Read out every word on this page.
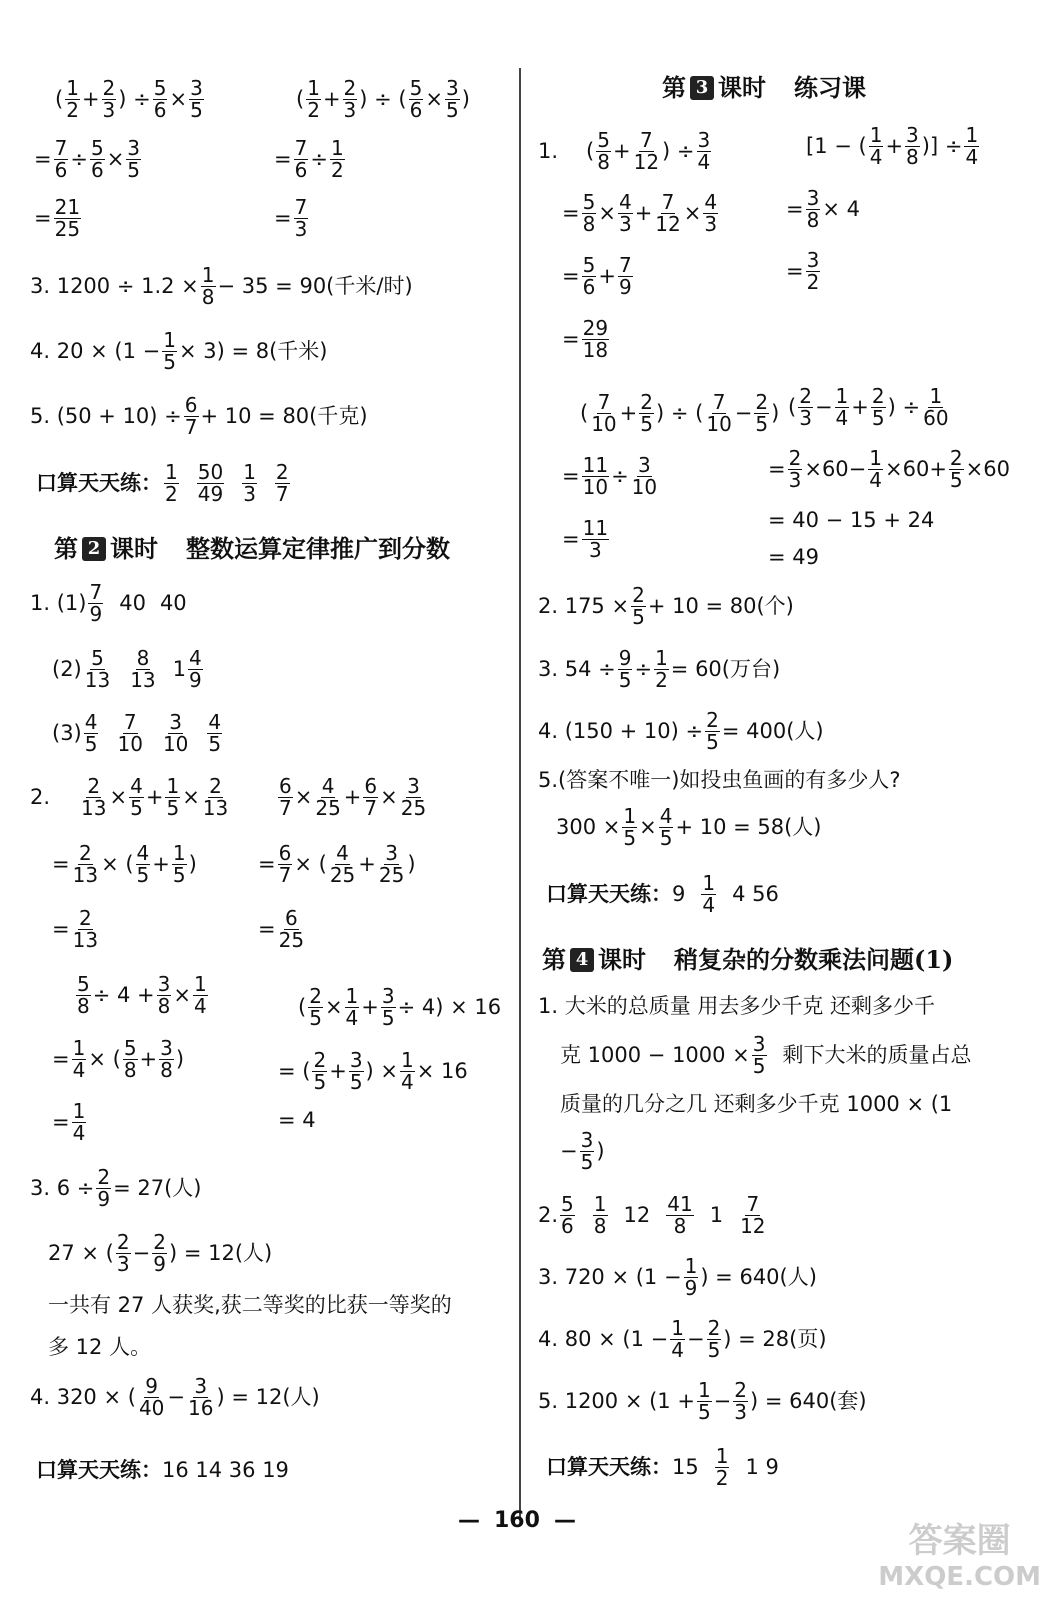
( 1
2 + 2
3 ) ÷ 5
6 × 3
5	( 1
2 + 2
3 ) ÷ ( 5
6 × 3
5 )
= 7
6 ÷ 5
6 × 3
5	= 7
6 ÷ 1
2
= 21
25	= 7
3
3. $1200 \div 1.2 \times \frac{1}{8} - 35 = 90$(千米/时)
4. $20 \times (1 - \frac{1}{5} \times 3) = 8$(千米)
5. $(50 + 10) \div \frac{6}{7} + 10 = 80$(千克)
口算天天练： 1
2
50
49
1
3
2
7
第 2 课时 整数运算定律推广到分数
1. (1) 7
9 40 40
(2) 5
13
8
13 1 4
9
(3) 4
5
7
10
3
10
4
5
2. 2
13 × 4
5 + 1
5 × 2
13
6
7 × 4
25 + 6
7 × 3
25
= 2
13 × ( 4
5 + 1
5 )	= 6
7 × ( 4
25 + 3
25 )
= 2
13	= 6
25
5
8 ÷ 4 + 3
8 × 1
4	( 2
5 × 1
4 + 3
5 ÷ 4) × 16
= 1
4 × ( 5
8 + 3
8 )	= ( 2
5 + 3
5 ) × 1
4 × 16
= 1
4
= 4
3. $6 \div \frac{2}{9} = 27$(人)
27 × ( 2
3 − 2
9 ) = 12(人)
一共有 27 人获奖,获二等奖的比获一等奖的
多 12 人。
4. 320 × ( 9
40 − 3
16 ) = 12(人)
口算天天练： 16 14 36 19
第 3 课时 练习课
1. ( 5
8 + 7
12 ) ÷ 3
4
[1 − ( 1
4 + 3
8 )] ÷ 1
4
= 5
8 × 4
3 + 7
12 × 4
3
= 3
8 × 4
= 5
6 + 7
9
= 3
2
= 29
18
( 7
10 + 2
5 ) ÷ ( 7
10 − 2
5 ) ( 2
3 − 1
4 + 2
5 ) ÷ 1
60
= 11
10 ÷ 3
10
= 2
3 ×60− 1
4 ×60+ 2
5 ×60
= 40 − 15 + 24
= 11
3	= 49
2. $175 \times \frac{2}{5} + 10 = 80$(个)
3. $54 \div \frac{9}{5} \div \frac{1}{2} = 60$(万台)
4. $(150 + 10) \div \frac{2}{5} = 400$(人)
5.(答案不唯一)如投虫鱼画的有多少人?
$300 \times \frac{1}{5} \times 4$
5 + 10 = 58(人)
口算天天练： 9 1
4 4 56
第 4 课时 稍复杂的分数乘法问题(1)
1. 大米的总质量 用去多少千克 还剩多少千
克 $1000 - 1000 \times \frac{3}{5}$ 剩下大米的质量占总
质量的几分之几 还剩多少千克 1000 × (1
− 3
5 )
2. 5
6
1
8 12 41
8 1 7
12
3. $720 \times (1 - \frac{1}{9}$ ) = 640(人)
4. $80 \times (1 - \frac{1}{4} - 2$
5 ) = 28(页)
5. $1200 \times (1 + \frac{1}{5} - 2$
3 ) = 640(套)
口算天天练： 15 1
2 1 9
— 160 —
答案圈
MXQE.COM
